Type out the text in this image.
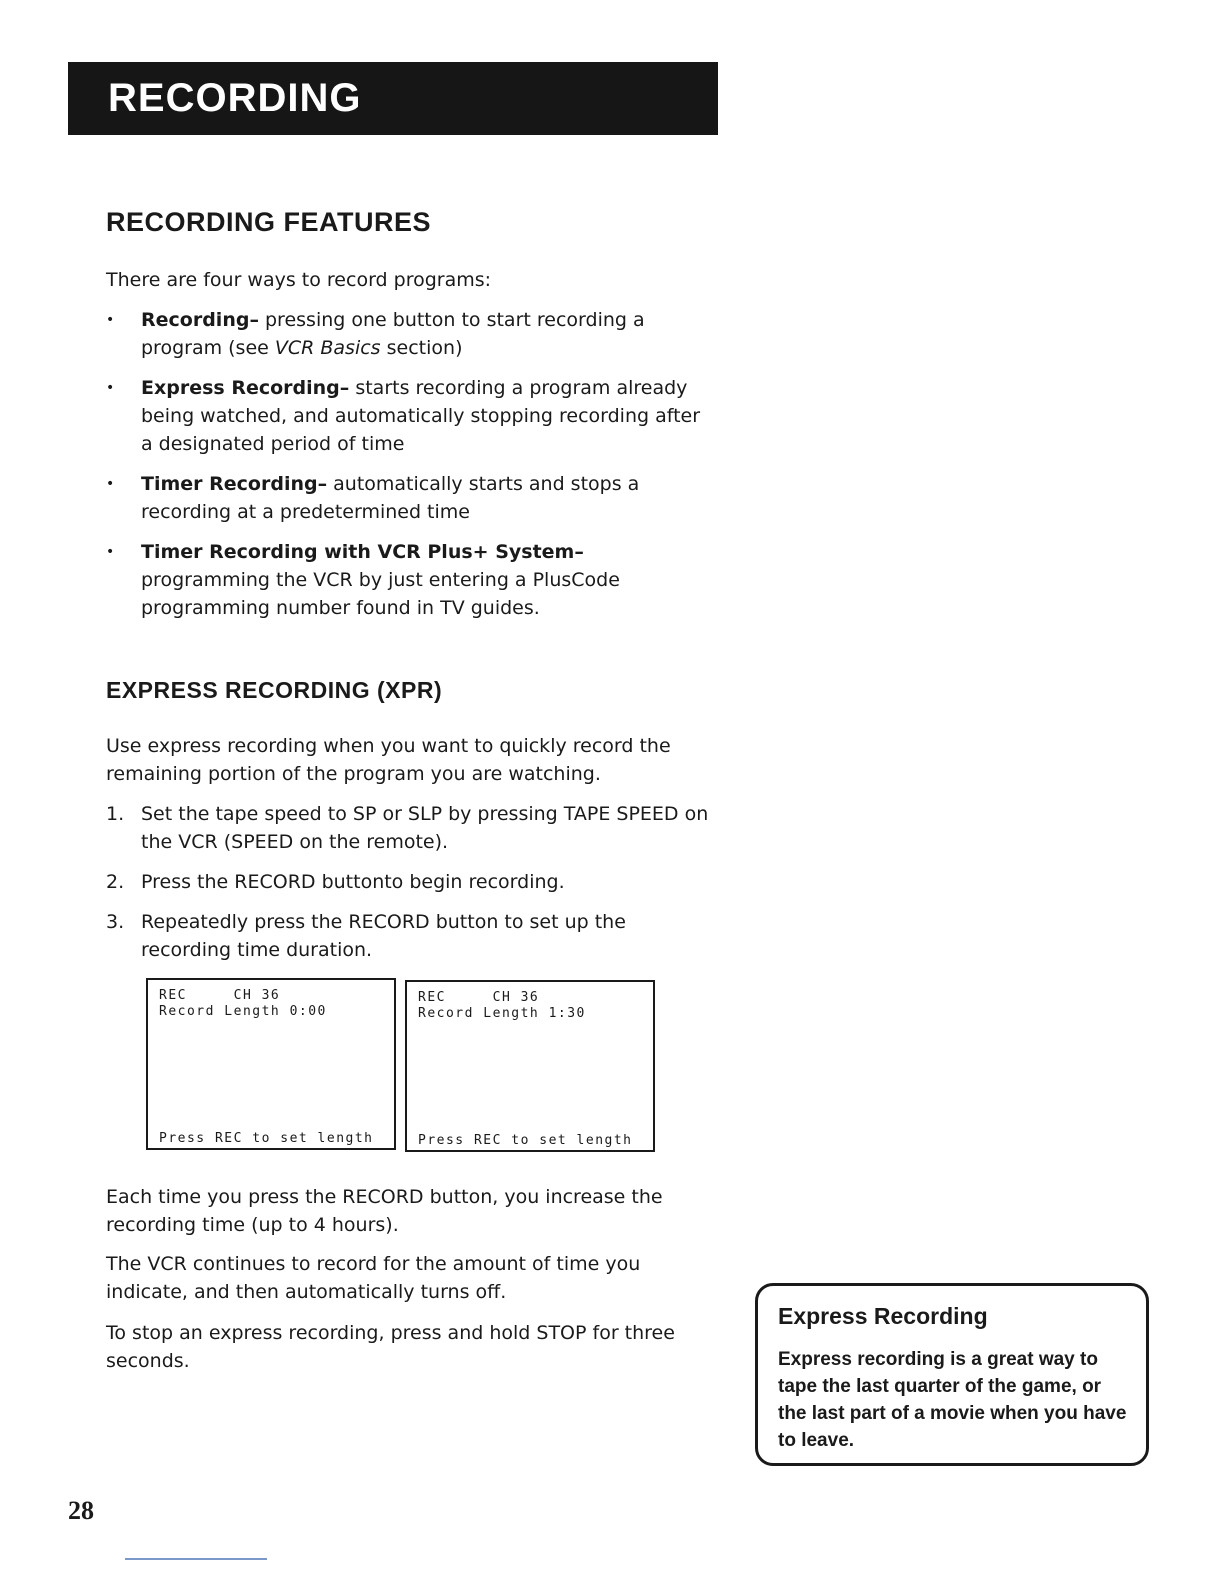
RECORDING
RECORDING FEATURES
There are four ways to record programs:
•	Recording– pressing one button to start recording a program (see VCR Basics section)
•	Express Recording– starts recording a program already being watched, and automatically stopping recording after a designated period of time
•	Timer Recording– automatically starts and stops a recording at a predetermined time
•	Timer Recording with VCR Plus+ System– programming the VCR by just entering a PlusCode programming number found in TV guides.
EXPRESS RECORDING (XPR)
Use express recording when you want to quickly record the remaining portion of the program you are watching.
1. Set the tape speed to SP or SLP by pressing TAPE SPEED on the VCR (SPEED on the remote).
2. Press the RECORD buttonto begin recording.
3. Repeatedly press the RECORD button to set up the recording time duration.
REC     CH 36
Record Length 0:00
Press REC to set length
REC     CH 36
Record Length 1:30
Press REC to set length
Each time you press the RECORD button, you increase the recording time (up to 4 hours).
The VCR continues to record for the amount of time you indicate, and then automatically turns off.
To stop an express recording, press and hold STOP for three seconds.
Express Recording
Express recording is a great way to tape the last quarter of the game, or the last part of a movie when you have to leave.
28
